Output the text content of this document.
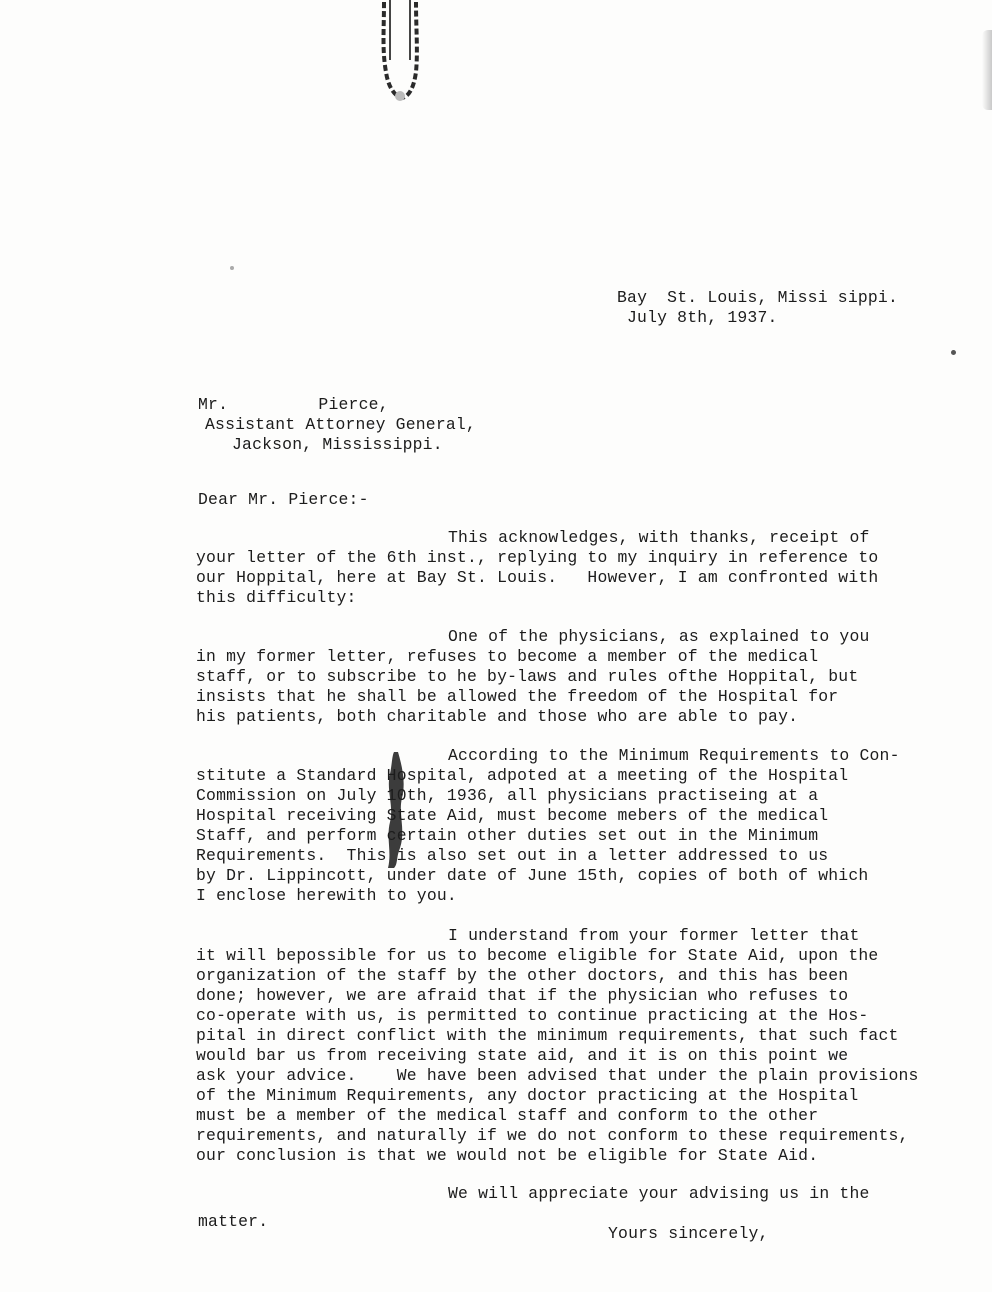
Bay  St. Louis, Missi sippi.
July 8th, 1937.
Mr.         Pierce,
Assistant Attorney General,
Jackson, Mississippi.
Dear Mr. Pierce:-
This acknowledges, with thanks, receipt of
your letter of the 6th inst., replying to my inquiry in reference to
our Hoppital, here at Bay St. Louis.   However, I am confronted with
this difficulty:
One of the physicians, as explained to you
in my former letter, refuses to become a member of the medical
staff, or to subscribe to he by-laws and rules ofthe Hoppital, but
insists that he shall be allowed the freedom of the Hospital for
his patients, both charitable and those who are able to pay.
According to the Minimum Requirements to Con-
stitute a Standard Hospital, adpoted at a meeting of the Hospital
Commission on July 10th, 1936, all physicians practiseing at a
Hospital receiving State Aid, must become mebers of the medical
Staff, and perform certain other duties set out in the Minimum
Requirements.  This is also set out in a letter addressed to us
by Dr. Lippincott, under date of June 15th, copies of both of which
I enclose herewith to you.
I understand from your former letter that
it will bepossible for us to become eligible for State Aid, upon the
organization of the staff by the other doctors, and this has been
done; however, we are afraid that if the physician who refuses to
co-operate with us, is permitted to continue practicing at the Hos-
pital in direct conflict with the minimum requirements, that such fact
would bar us from receiving state aid, and it is on this point we
ask your advice.    We have been advised that under the plain provisions
of the Minimum Requirements, any doctor practicing at the Hospital
must be a member of the medical staff and conform to the other
requirements, and naturally if we do not conform to these requirements,
our conclusion is that we would not be eligible for State Aid.
We will appreciate your advising us in the
matter.
Yours sincerely,
